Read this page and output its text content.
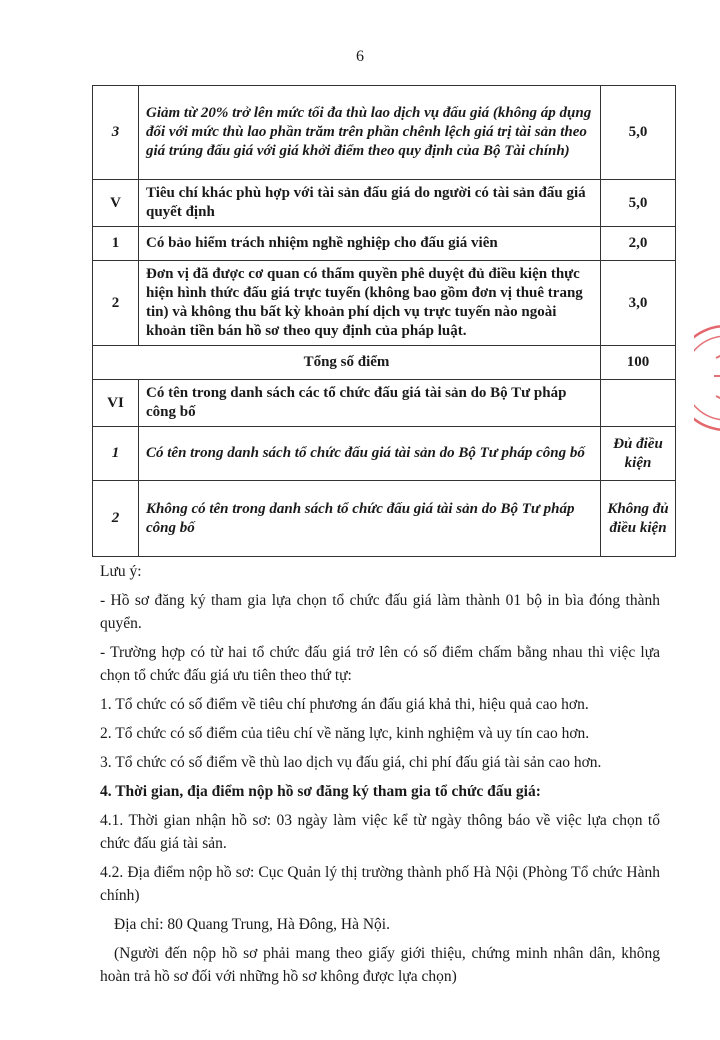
6
3	Giảm từ 20% trở lên mức tối đa thù lao dịch vụ đấu giá (không áp dụng đối với mức thù lao phần trăm trên phần chênh lệch giá trị tài sản theo giá trúng đấu giá với giá khởi điểm theo quy định của Bộ Tài chính)	5,0
V	Tiêu chí khác phù hợp với tài sản đấu giá do người có tài sản đấu giá quyết định	5,0
1	Có bảo hiểm trách nhiệm nghề nghiệp cho đấu giá viên	2,0
2	Đơn vị đã được cơ quan có thẩm quyền phê duyệt đủ điều kiện thực hiện hình thức đấu giá trực tuyến (không bao gồm đơn vị thuê trang tin) và không thu bất kỳ khoản phí dịch vụ trực tuyến nào ngoài khoản tiền bán hồ sơ theo quy định của pháp luật.	3,0
Tổng số điểm		100
VI	Có tên trong danh sách các tổ chức đấu giá tài sản do Bộ Tư pháp công bố	
1	Có tên trong danh sách tổ chức đấu giá tài sản do Bộ Tư pháp công bố	Đủ điều kiện
2	Không có tên trong danh sách tổ chức đấu giá tài sản do Bộ Tư pháp công bố	Không đủ điều kiện

Lưu ý:

- Hồ sơ đăng ký tham gia lựa chọn tổ chức đấu giá làm thành 01 bộ in bìa đóng thành quyển.

- Trường hợp có từ hai tổ chức đấu giá trở lên có số điểm chấm bằng nhau thì việc lựa chọn tổ chức đấu giá ưu tiên theo thứ tự:

1. Tổ chức có số điểm về tiêu chí phương án đấu giá khả thi, hiệu quả cao hơn.

2. Tổ chức có số điểm của tiêu chí về năng lực, kinh nghiệm và uy tín cao hơn.

3. Tổ chức có số điểm về thù lao dịch vụ đấu giá, chi phí đấu giá tài sản cao hơn.

4. Thời gian, địa điểm nộp hồ sơ đăng ký tham gia tổ chức đấu giá:

4.1. Thời gian nhận hồ sơ: 03 ngày làm việc kể từ ngày thông báo về việc lựa chọn tổ chức đấu giá tài sản.

4.2. Địa điểm nộp hồ sơ: Cục Quản lý thị trường thành phố Hà Nội (Phòng Tổ chức Hành chính)

Địa chỉ: 80 Quang Trung, Hà Đông, Hà Nội.

(Người đến nộp hồ sơ phải mang theo giấy giới thiệu, chứng minh nhân dân, không hoàn trả hồ sơ đối với những hồ sơ không được lựa chọn)
